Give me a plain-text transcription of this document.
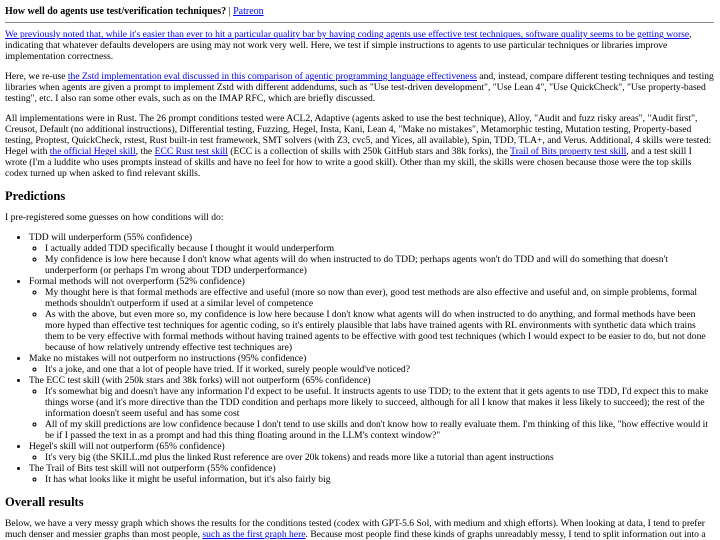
How well do agents use test/verification techniques? | Patreon

We previously noted that, while it's easier than ever to hit a particular quality bar by having coding agents use effective test techniques, software quality seems to be getting worse, indicating that whatever defaults developers are using may not work very well. Here, we test if simple instructions to agents to use particular techniques or libraries improve implementation correctness.

Here, we re-use the Zstd implementation eval discussed in this comparison of agentic programming language effectiveness and, instead, compare different testing techniques and testing libraries when agents are given a prompt to implement Zstd with different addendums, such as "Use test-driven development", "Use Lean 4", "Use QuickCheck", "Use property-based testing", etc. I also ran some other evals, such as on the IMAP RFC, which are briefly discussed.

All implementations were in Rust. The 26 prompt conditions tested were ACL2, Adaptive (agents asked to use the best technique), Alloy, "Audit and fuzz risky areas", "Audit first", Creusot, Default (no additional instructions), Differential testing, Fuzzing, Hegel, Insta, Kani, Lean 4, "Make no mistakes", Metamorphic testing, Mutation testing, Property-based testing, Proptest, QuickCheck, rstest, Rust built-in test framework, SMT solvers (with Z3, cvc5, and Yices, all available), Spin, TDD, TLA+, and Verus. Additional, 4 skills were tested: Hegel with the official Hegel skill, the ECC Rust test skill (ECC is a collection of skills with 250k GitHub stars and 38k forks), the Trail of Bits property test skill, and a test skill I wrote (I'm a luddite who uses prompts instead of skills and have no feel for how to write a good skill). Other than my skill, the skills were chosen because those were the top skills codex turned up when asked to find relevant skills.

Predictions

I pre-registered some guesses on how conditions will do:

• TDD will underperform (55% confidence)
◦ I actually added TDD specifically because I thought it would underperform
◦ My confidence is low here because I don't know what agents will do when instructed to do TDD; perhaps agents won't do TDD and will do something that doesn't underperform (or perhaps I'm wrong about TDD underperformance)
• Formal methods will not overperform (52% confidence)
◦ My thought here is that formal methods are effective and useful (more so now than ever), good test methods are also effective and useful and, on simple problems, formal methods shouldn't outperform if used at a similar level of competence
◦ As with the above, but even more so, my confidence is low here because I don't know what agents will do when instructed to do anything, and formal methods have been more hyped than effective test techniques for agentic coding, so it's entirely plausible that labs have trained agents with RL environments with synthetic data which trains them to be very effective with formal methods without having trained agents to be effective with good test techniques (which I would expect to be easier to do, but not done because of how relatively untrendy effective test techniques are)
• Make no mistakes will not outperform no instructions (95% confidence)
◦ It's a joke, and one that a lot of people have tried. If it worked, surely people would've noticed?
• The ECC test skill (with 250k stars and 38k forks) will not outperform (65% confidence)
◦ It's somewhat big and doesn't have any information I'd expect to be useful. It instructs agents to use TDD; to the extent that it gets agents to use TDD, I'd expect this to make things worse (and it's more directive than the TDD condition and perhaps more likely to succeed, although for all I know that makes it less likely to succeed); the rest of the information doesn't seem useful and has some cost
◦ All of my skill predictions are low confidence because I don't tend to use skills and don't know how to really evaluate them. I'm thinking of this like, "how effective would it be if I passed the text in as a prompt and had this thing floating around in the LLM's context window?"
• Hegel's skill will not outperform (65% confidence)
◦ It's very big (the SKILL.md plus the linked Rust reference are over 20k tokens) and reads more like a tutorial than agent instructions
• The Trail of Bits test skill will not outperform (55% confidence)
◦ It has what looks like it might be useful information, but it's also fairly big
Overall results

Below, we have a very messy graph which shows the results for the conditions tested (codex with GPT-5.6 Sol, with medium and xhigh efforts). When looking at data, I tend to prefer much denser and messier graphs than most people, such as the first graph here. Because most people find these kinds of graphs unreadably messy, I tend to split information out into a
